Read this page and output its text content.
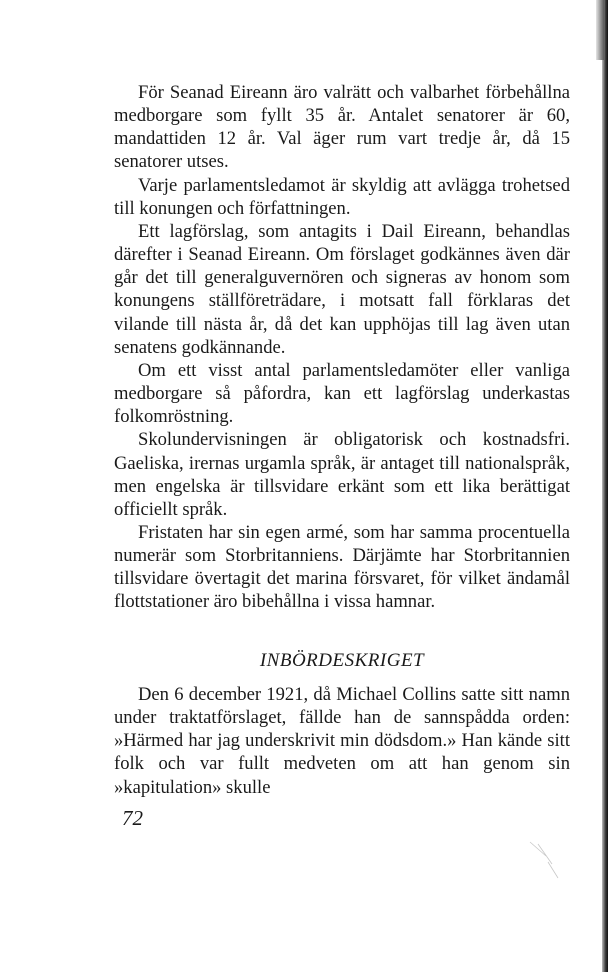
För Seanad Eireann äro valrätt och valbarhet förbehållna medborgare som fyllt 35 år. Antalet senatorer är 60, mandattiden 12 år. Val äger rum vart tredje år, då 15 senatorer utses.

Varje parlamentsledamot är skyldig att avlägga trohetsed till konungen och författningen.

Ett lagförslag, som antagits i Dail Eireann, behandlas därefter i Seanad Eireann. Om förslaget godkännes även där går det till generalguvernören och signeras av honom som konungens ställföreträdare, i motsatt fall förklaras det vilande till nästa år, då det kan upphöjas till lag även utan senatens godkännande.

Om ett visst antal parlamentsledamöter eller vanliga medborgare så påfordra, kan ett lagförslag underkastas folkomröstning.

Skolundervisningen är obligatorisk och kostnadsfri. Gaeliska, irernas urgamla språk, är antaget till nationalspråk, men engelska är tillsvidare erkänt som ett lika berättigat officiellt språk.

Fristaten har sin egen armé, som har samma procentuella numerär som Storbritanniens. Därjämte har Storbritannien tillsvidare övertagit det marina försvaret, för vilket ändamål flottstationer äro bibehållna i vissa hamnar.

INBÖRDESKRIGET

Den 6 december 1921, då Michael Collins satte sitt namn under traktatförslaget, fällde han de sannspådda orden: »Härmed har jag underskrivit min dödsdom.» Han kände sitt folk och var fullt medveten om att han genom sin »kapitulation» skulle

72
